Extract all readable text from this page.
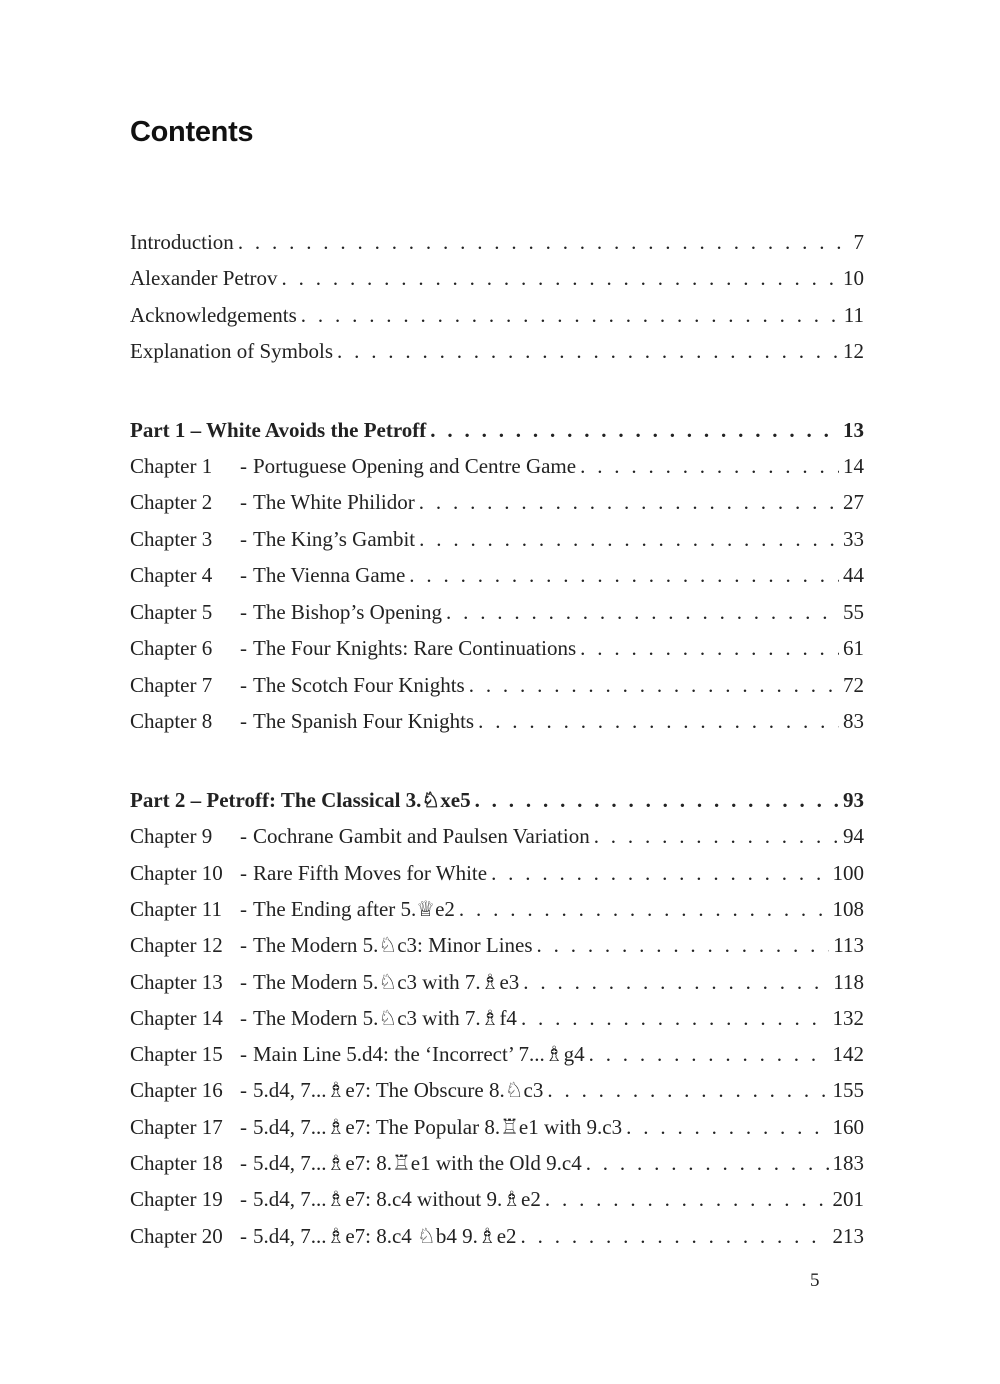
Contents
Introduction . . .	7
Alexander Petrov . . .	10
Acknowledgements . . .	11
Explanation of Symbols . . .	12
Part 1 – White Avoids the Petroff . . .	13
Chapter 1	- Portuguese Opening and Centre Game . . .	14
Chapter 2	- The White Philidor . . .	27
Chapter 3	- The King’s Gambit . . .	33
Chapter 4	- The Vienna Game . . .	44
Chapter 5	- The Bishop’s Opening . . .	55
Chapter 6	- The Four Knights: Rare Continuations . . .	61
Chapter 7	- The Scotch Four Knights . . .	72
Chapter 8	- The Spanish Four Knights . . .	83
Part 2 – Petroff: The Classical 3.♘xe5 . . .	93
Chapter 9	- Cochrane Gambit and Paulsen Variation . . .	94
Chapter 10 - Rare Fifth Moves for White . . .	100
Chapter 11 - The Ending after 5.♕e2 . . .	108
Chapter 12 - The Modern 5.♘c3: Minor Lines . . .	113
Chapter 13 - The Modern 5.♘c3 with 7.♗e3 . . .	118
Chapter 14 - The Modern 5.♘c3 with 7.♗f4 . . .	132
Chapter 15 - Main Line 5.d4: the ‘Incorrect’ 7...♗g4 . . .	142
Chapter 16 - 5.d4, 7...♗e7: The Obscure 8.♘c3 . . .	155
Chapter 17 - 5.d4, 7...♗e7: The Popular 8.♖e1 with 9.c3 . . .	160
Chapter 18 - 5.d4, 7...♗e7: 8.♖e1 with the Old 9.c4 . . .	183
Chapter 19 - 5.d4, 7...♗e7: 8.c4 without 9.♗e2 . . .	201
Chapter 20 - 5.d4, 7...♗e7: 8.c4 ♘b4 9.♗e2 . . .	213
5
